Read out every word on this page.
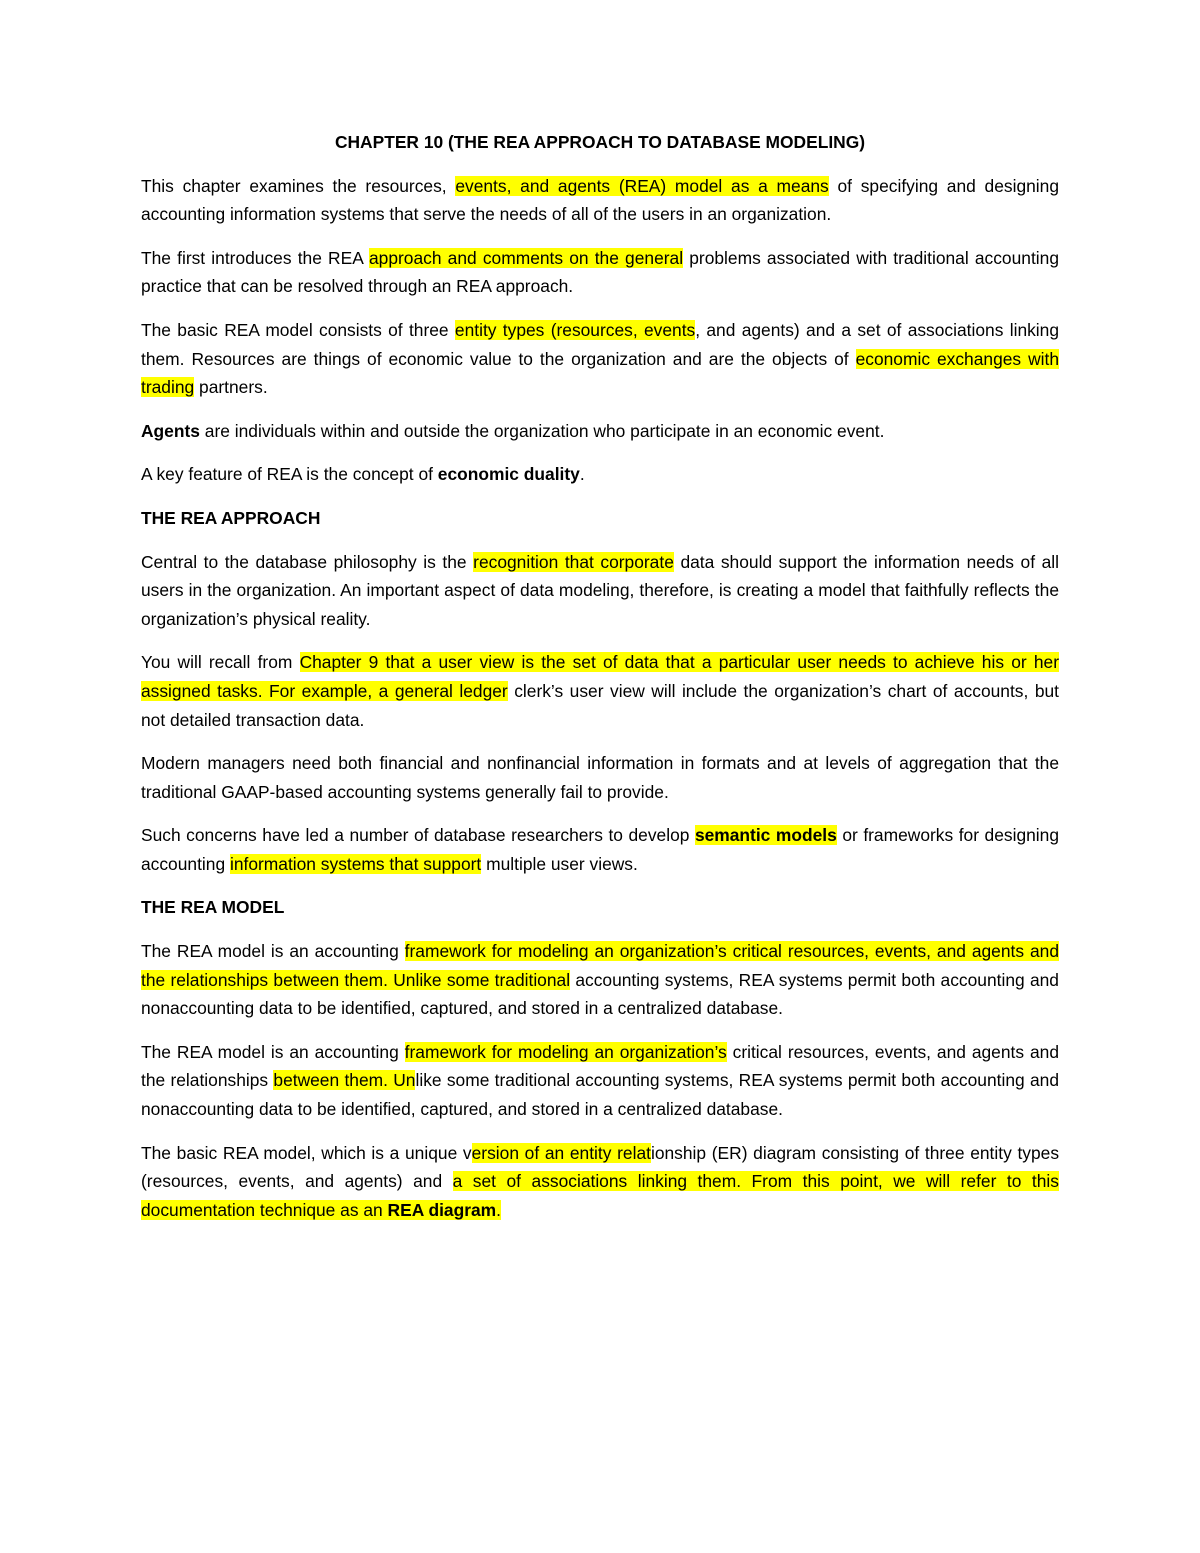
CHAPTER 10 (THE REA APPROACH TO DATABASE MODELING)
This chapter examines the resources, events, and agents (REA) model as a means of specifying and designing accounting information systems that serve the needs of all of the users in an organization.
The first introduces the REA approach and comments on the general problems associated with traditional accounting practice that can be resolved through an REA approach.
The basic REA model consists of three entity types (resources, events, and agents) and a set of associations linking them. Resources are things of economic value to the organization and are the objects of economic exchanges with trading partners.
Agents are individuals within and outside the organization who participate in an economic event.
A key feature of REA is the concept of economic duality.
THE REA APPROACH
Central to the database philosophy is the recognition that corporate data should support the information needs of all users in the organization. An important aspect of data modeling, therefore, is creating a model that faithfully reflects the organization’s physical reality.
You will recall from Chapter 9 that a user view is the set of data that a particular user needs to achieve his or her assigned tasks. For example, a general ledger clerk’s user view will include the organization’s chart of accounts, but not detailed transaction data.
Modern managers need both financial and nonfinancial information in formats and at levels of aggregation that the traditional GAAP-based accounting systems generally fail to provide.
Such concerns have led a number of database researchers to develop semantic models or frameworks for designing accounting information systems that support multiple user views.
THE REA MODEL
The REA model is an accounting framework for modeling an organization’s critical resources, events, and agents and the relationships between them. Unlike some traditional accounting systems, REA systems permit both accounting and nonaccounting data to be identified, captured, and stored in a centralized database.
The REA model is an accounting framework for modeling an organization’s critical resources, events, and agents and the relationships between them. Unlike some traditional accounting systems, REA systems permit both accounting and nonaccounting data to be identified, captured, and stored in a centralized database.
The basic REA model, which is a unique version of an entity relationship (ER) diagram consisting of three entity types (resources, events, and agents) and a set of associations linking them. From this point, we will refer to this documentation technique as an REA diagram.
